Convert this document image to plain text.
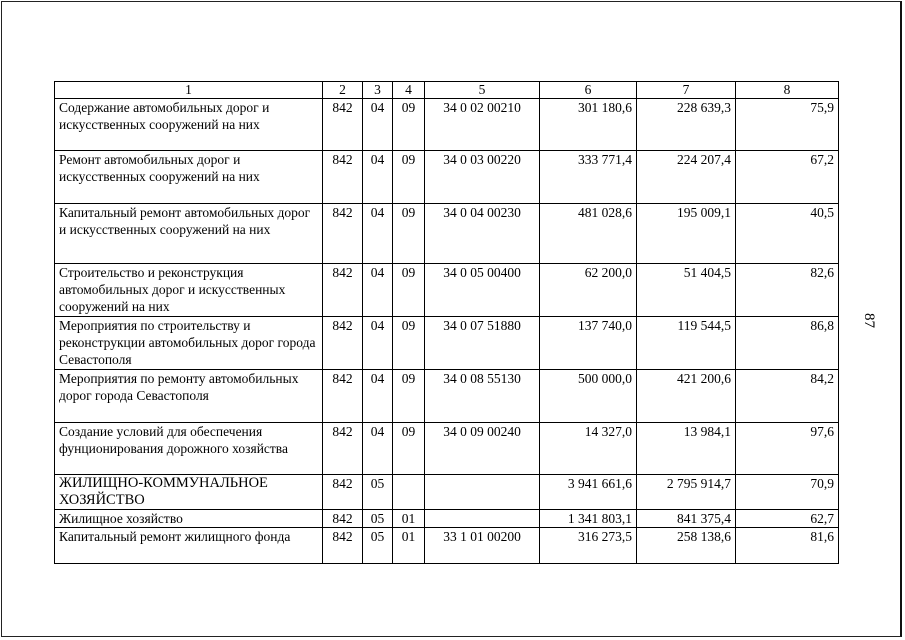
1	2	3	4	5	6	7	8
Содержание автомобильных дорог и искусственных сооружений на них	842	04	09	34 0 02 00210	301 180,6	228 639,3	75,9
Ремонт автомобильных дорог и искусственных сооружений на них	842	04	09	34 0 03 00220	333 771,4	224 207,4	67,2
Капитальный ремонт автомобильных дорог и искусственных сооружений на них	842	04	09	34 0 04 00230	481 028,6	195 009,1	40,5
Строительство и реконструкция автомобильных дорог и искусственных сооружений на них	842	04	09	34 0 05 00400	62 200,0	51 404,5	82,6
Мероприятия по строительству и реконструкции автомобильных дорог города Севастополя	842	04	09	34 0 07 51880	137 740,0	119 544,5	86,8
Мероприятия по ремонту автомобильных дорог города Севастополя	842	04	09	34 0 08 55130	500 000,0	421 200,6	84,2
Создание условий для обеспечения фунционирования дорожного хозяйства	842	04	09	34 0 09 00240	14 327,0	13 984,1	97,6
ЖИЛИЩНО-КОММУНАЛЬНОЕ ХОЗЯЙСТВО	842	05			3 941 661,6	2 795 914,7	70,9
Жилищное хозяйство	842	05	01		1 341 803,1	841 375,4	62,7
Капитальный ремонт жилищного фонда	842	05	01	33 1 01 00200	316 273,5	258 138,6	81,6
87
